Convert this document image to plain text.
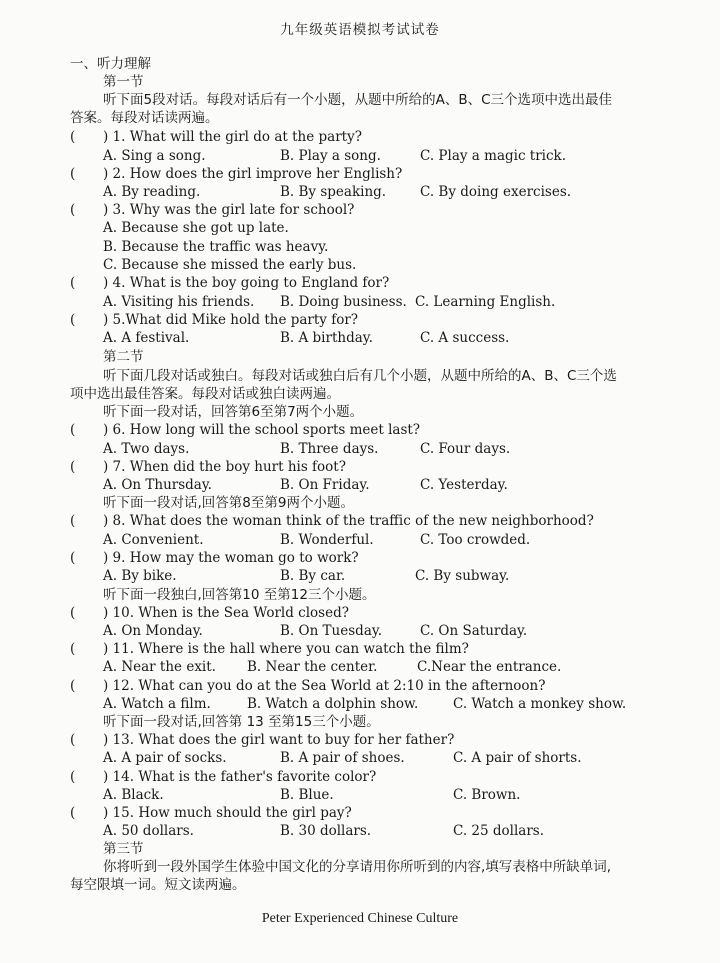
九年级英语模拟考试试卷
一、听力理解
第一节
听下面5段对话。每段对话后有一个小题，从题中所给的A、B、C三个选项中选出最佳
答案。每段对话读两遍。
( ) 1. What will the girl do at the party?
A. Sing a song.	B. Play a song.	C. Play a magic trick.
( ) 2. How does the girl improve her English?
A. By reading.	B. By speaking.	C. By doing exercises.
( ) 3. Why was the girl late for school?
A. Because she got up late.
B. Because the traffic was heavy.
C. Because she missed the early bus.
( ) 4. What is the boy going to England for?
A. Visiting his friends. B. Doing business. C. Learning English.
( ) 5.What did Mike hold the party for?
A. A festival.	B. A birthday.	C. A success.
( ) 6. How long will the school sports meet last?
A. Two days.	B. Three days.	C. Four days.
( ) 7. When did the boy hurt his foot?
A. On Thursday.	B. On Friday.	C. Yesterday.
( ) 8. What does the woman think of the traffic of the new neighborhood?
A. Convenient.	B. Wonderful.	C. Too crowded.
( ) 9. How may the woman go to work?
A. By bike.	B. By car.	C. By subway.
( ) 10. When is the Sea World closed?
A. On Monday.	B. On Tuesday.	C. On Saturday.
( ) 11. Where is the hall where you can watch the film?
A. Near the exit. B. Near the center.	C.Near the entrance.
( ) 12. What can you do at the Sea World at 2:10 in the afternoon?
A. Watch a film.	B. Watch a dolphin show.	C. Watch a monkey show.
( ) 13. What does the girl want to buy for her father?
A. A pair of socks.	B. A pair of shoes.	C. A pair of shorts.
( ) 14. What is the father's favorite color?
A. Black.	B. Blue.	C. Brown.
( ) 15. How much should the girl pay?
A. 50 dollars.	B. 30 dollars.	C. 25 dollars.
第二节
听下面几段对话或独白。每段对话或独白后有几个小题，从题中所给的A、B、C三个选
项中选出最佳答案。每段对话或独白读两遍。
听下面一段对话，回答第6至第7两个小题。
听下面一段对话,回答第8至第9两个小题。
听下面一段独白,回答第10 至第12三个小题。
听下面一段对话,回答第 13 至第15三个小题。
第三节
你将听到一段外国学生体验中国文化的分享请用你所听到的内容,填写表格中所缺单词,
每空限填一词。短文读两遍。
Peter Experienced Chinese Culture
